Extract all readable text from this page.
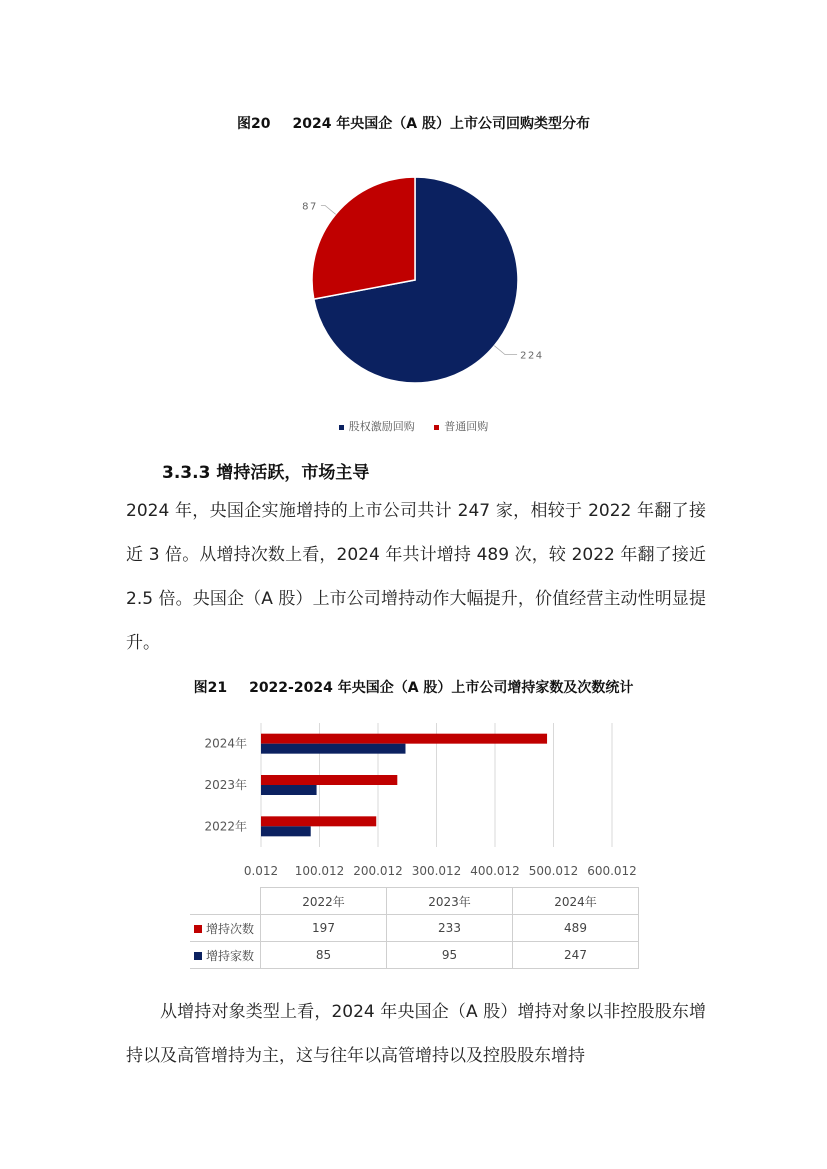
图20 2024 年央国企（A 股）上市公司回购类型分布
224
87
股权激励回购	普通回购
3.3.3 增持活跃，市场主导
2024 年，央国企实施增持的上市公司共计 247 家，相较于 2022 年翻了接近 3 倍。从增持次数上看，2024 年共计增持 489 次，较 2022 年翻了接近 2.5 倍。央国企（A 股）上市公司增持动作大幅提升，价值经营主动性明显提升。
图21 2022-2024 年央国企（A 股）上市公司增持家数及次数统计
0.012 100.012 200.012 300.012 400.012 500.012 600.012
2022年
2023年
2024年
	2022年	2023年	2024年
增持次数	197	233	489
增持家数	85	95	247
从增持对象类型上看，2024 年央国企（A 股）增持对象以非控股股东增持以及高管增持为主，这与往年以高管增持以及控股股东增持
